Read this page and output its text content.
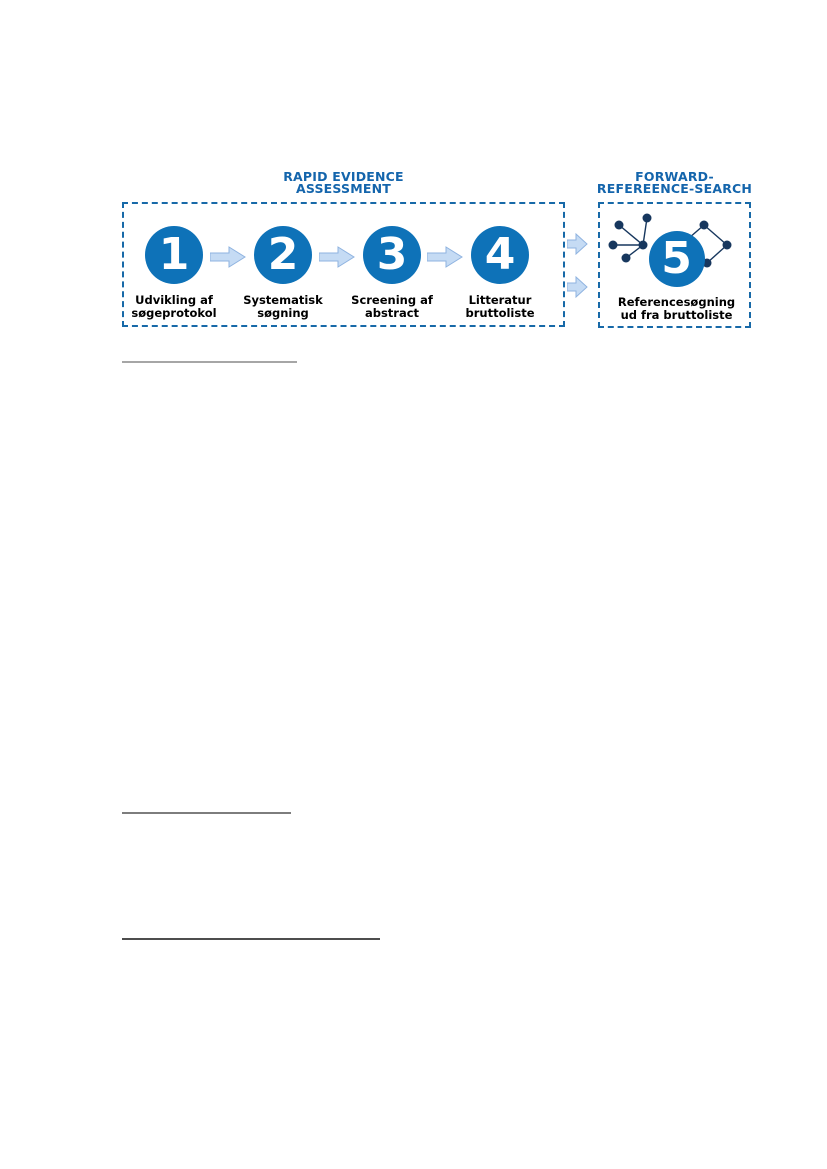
RAPID EVIDENCE
ASSESSMENT
FORWARD-
REFEREENCE-SEARCH
1
Udvikling af
søgeprotokol
2
Systematisk
søgning
3
Screening af
abstract
4
Litteratur
bruttoliste
5
Referencesøgning
ud fra bruttoliste
